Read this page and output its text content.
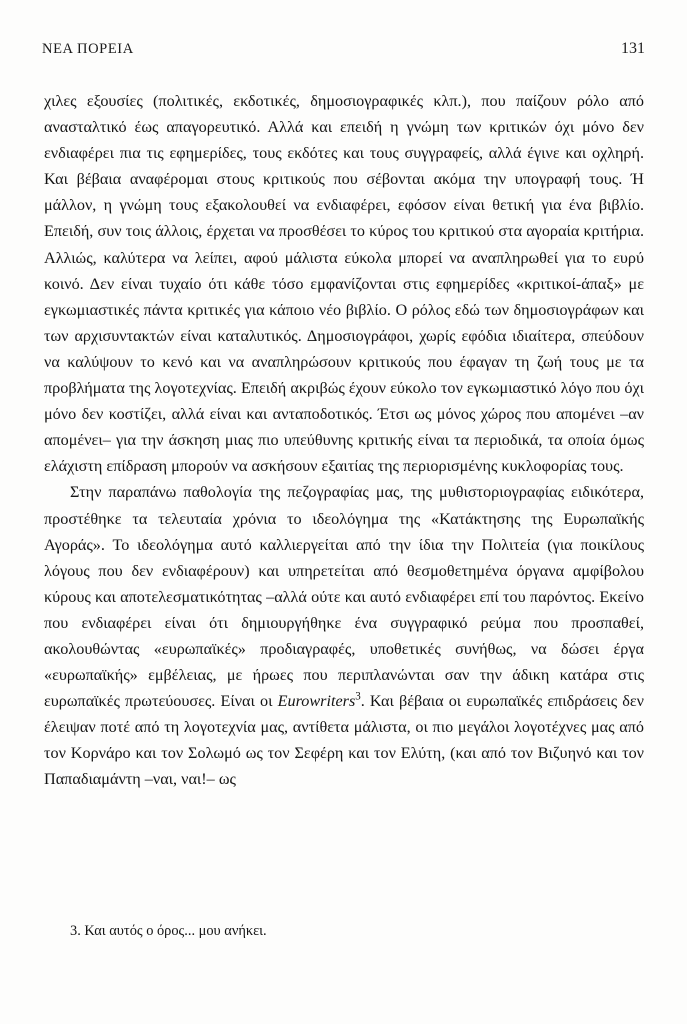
ΝΕΑ ΠΟΡΕΙΑ	131

χιλες εξουσίες (πολιτικές, εκδοτικές, δημοσιογραφικές κλπ.), που παίζουν ρόλο από ανασταλτικό έως απαγορευτικό. Αλλά και επειδή η γνώμη των κριτικών όχι μόνο δεν ενδιαφέρει πια τις εφημερίδες, τους εκδότες και τους συγγραφείς, αλλά έγινε και οχληρή. Και βέβαια αναφέρομαι στους κριτικούς που σέβονται ακόμα την υπογραφή τους. Ή μάλλον, η γνώμη τους εξακολουθεί να ενδιαφέρει, εφόσον είναι θετική για ένα βιβλίο. Επειδή, συν τοις άλλοις, έρχεται να προσθέσει το κύρος του κριτικού στα αγοραία κριτήρια. Αλλιώς, καλύτερα να λείπει, αφού μάλιστα εύκολα μπορεί να αναπληρωθεί για το ευρύ κοινό. Δεν είναι τυχαίο ότι κάθε τόσο εμφανίζονται στις εφημερίδες «κριτικοί-άπαξ» με εγκωμιαστικές πάντα κριτικές για κάποιο νέο βιβλίο. Ο ρόλος εδώ των δημοσιογράφων και των αρχισυντακτών είναι καταλυτικός. Δημοσιογράφοι, χωρίς εφόδια ιδιαίτερα, σπεύδουν να καλύψουν το κενό και να αναπληρώσουν κριτικούς που έφαγαν τη ζωή τους με τα προβλήματα της λογοτεχνίας. Επειδή ακριβώς έχουν εύκολο τον εγκωμιαστικό λόγο που όχι μόνο δεν κοστίζει, αλλά είναι και ανταποδοτικός. Έτσι ως μόνος χώρος που απομένει –αν απομένει– για την άσκηση μιας πιο υπεύθυνης κριτικής είναι τα περιοδικά, τα οποία όμως ελάχιστη επίδραση μπορούν να ασκήσουν εξαιτίας της περιορισμένης κυκλοφορίας τους.

Στην παραπάνω παθολογία της πεζογραφίας μας, της μυθιστοριογραφίας ειδικότερα, προστέθηκε τα τελευταία χρόνια το ιδεολόγημα της «Κατάκτησης της Ευρωπαϊκής Αγοράς». Το ιδεολόγημα αυτό καλλιεργείται από την ίδια την Πολιτεία (για ποικίλους λόγους που δεν ενδιαφέρουν) και υπηρετείται από θεσμοθετημένα όργανα αμφίβολου κύρους και αποτελεσματικότητας –αλλά ούτε και αυτό ενδιαφέρει επί του παρόντος. Εκείνο που ενδιαφέρει είναι ότι δημιουργήθηκε ένα συγγραφικό ρεύμα που προσπαθεί, ακολουθώντας «ευρωπαϊκές» προδιαγραφές, υποθετικές συνήθως, να δώσει έργα «ευρωπαϊκής» εμβέλειας, με ήρωες που περιπλανώνται σαν την άδικη κατάρα στις ευρωπαϊκές πρωτεύουσες. Είναι οι Eurowriters$^3$. Και βέβαια οι ευρωπαϊκές επιδράσεις δεν έλειψαν ποτέ από τη λογοτεχνία μας, αντίθετα μάλιστα, οι πιο μεγάλοι λογοτέχνες μας από τον Κορνάρο και τον Σολωμό ως τον Σεφέρη και τον Ελύτη, (και από τον Βιζυηνό και τον Παπαδιαμάντη –ναι, ναι!– ως

3. Και αυτός ο όρος... μου ανήκει.
